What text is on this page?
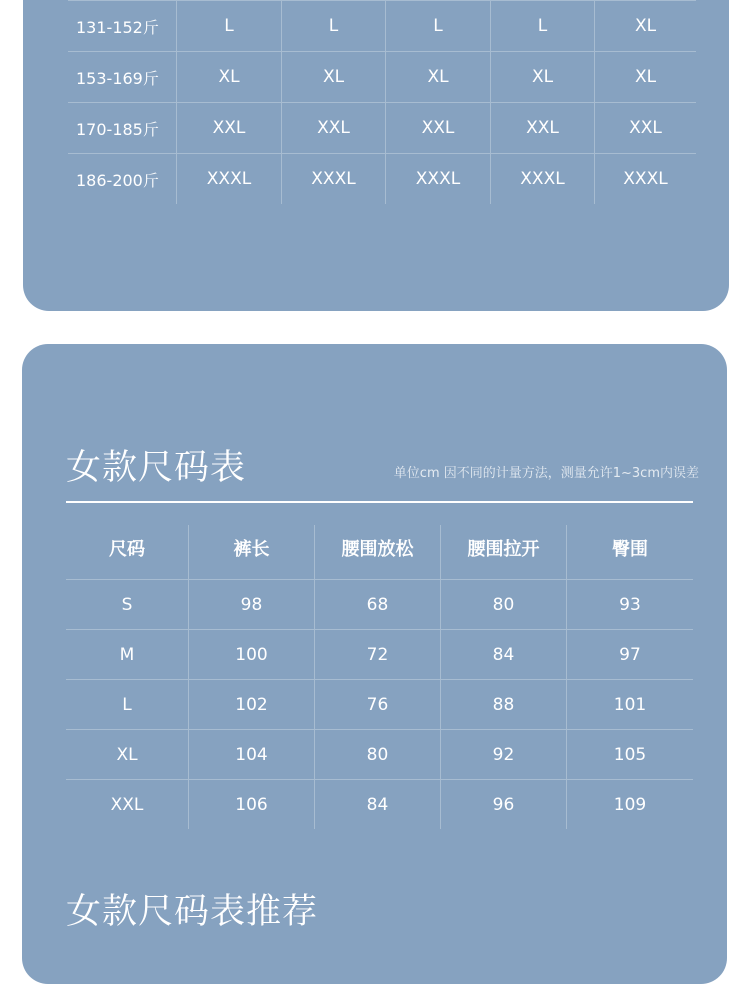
131-152斤	L	L	L	L	XL
153-169斤	XL	XL	XL	XL	XL
170-185斤	XXL	XXL	XXL	XXL	XXL
186-200斤	XXXL	XXXL	XXXL	XXXL	XXXL
女款尺码表	单位cm 因不同的计量方法，测量允许1~3cm内误差
尺码	裤长	腰围放松	腰围拉开	臀围
S	98	68	80	93
M	100	72	84	97
L	102	76	88	101
XL	104	80	92	105
XXL	106	84	96	109
女款尺码表推荐
